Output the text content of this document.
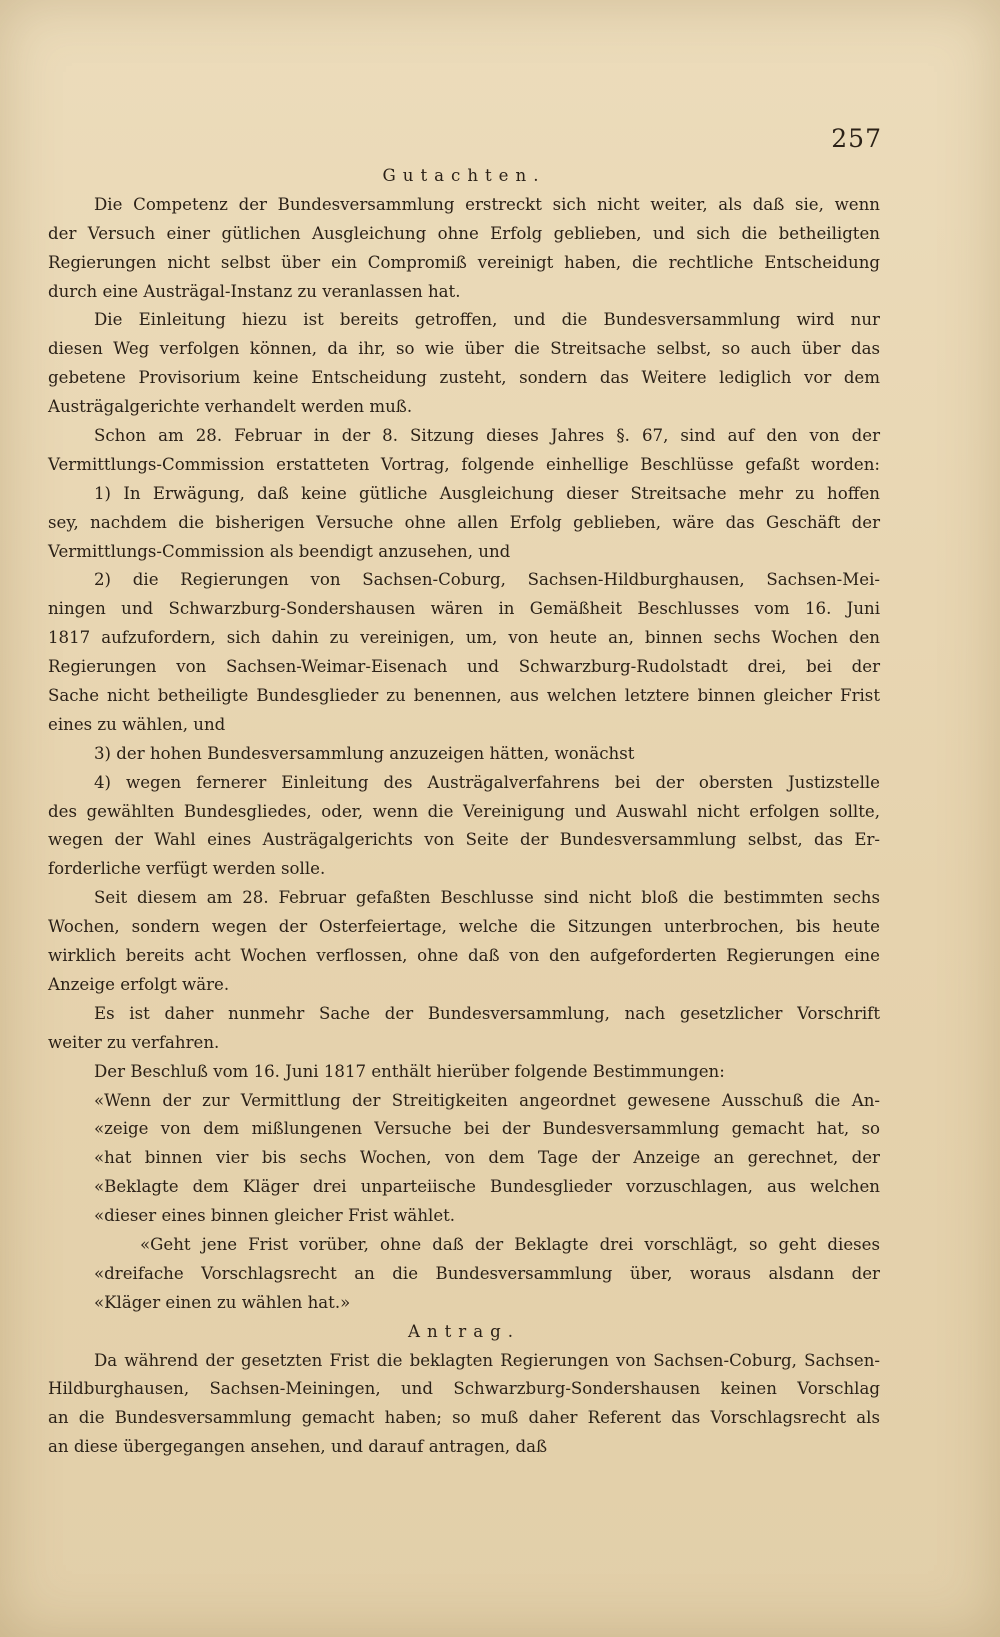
257
Gutachten.
Die Competenz der Bundesversammlung erstreckt sich nicht weiter, als daß sie, wenn
der Versuch einer gütlichen Ausgleichung ohne Erfolg geblieben, und sich die betheiligten
Regierungen nicht selbst über ein Compromiß vereinigt haben, die rechtliche Entscheidung
durch eine Austrägal-Instanz zu veranlassen hat.
Die Einleitung hiezu ist bereits getroffen, und die Bundesversammlung wird nur
diesen Weg verfolgen können, da ihr, so wie über die Streitsache selbst, so auch über das
gebetene Provisorium keine Entscheidung zusteht, sondern das Weitere lediglich vor dem
Austrägalgerichte verhandelt werden muß.
Schon am 28. Februar in der 8. Sitzung dieses Jahres §. 67, sind auf den von der
Vermittlungs-Commission erstatteten Vortrag, folgende einhellige Beschlüsse gefaßt worden:
1) In Erwägung, daß keine gütliche Ausgleichung dieser Streitsache mehr zu hoffen
sey, nachdem die bisherigen Versuche ohne allen Erfolg geblieben, wäre das Geschäft der
Vermittlungs-Commission als beendigt anzusehen, und
2) die Regierungen von Sachsen-Coburg, Sachsen-Hildburghausen, Sachsen-Mei-
ningen und Schwarzburg-Sondershausen wären in Gemäßheit Beschlusses vom 16. Juni
1817 aufzufordern, sich dahin zu vereinigen, um, von heute an, binnen sechs Wochen den
Regierungen von Sachsen-Weimar-Eisenach und Schwarzburg-Rudolstadt drei, bei der
Sache nicht betheiligte Bundesglieder zu benennen, aus welchen letztere binnen gleicher Frist
eines zu wählen, und
3) der hohen Bundesversammlung anzuzeigen hätten, wonächst
4) wegen fernerer Einleitung des Austrägalverfahrens bei der obersten Justizstelle
des gewählten Bundesgliedes, oder, wenn die Vereinigung und Auswahl nicht erfolgen sollte,
wegen der Wahl eines Austrägalgerichts von Seite der Bundesversammlung selbst, das Er-
forderliche verfügt werden solle.
Seit diesem am 28. Februar gefaßten Beschlusse sind nicht bloß die bestimmten sechs
Wochen, sondern wegen der Osterfeiertage, welche die Sitzungen unterbrochen, bis heute
wirklich bereits acht Wochen verflossen, ohne daß von den aufgeforderten Regierungen eine
Anzeige erfolgt wäre.
Es ist daher nunmehr Sache der Bundesversammlung, nach gesetzlicher Vorschrift
weiter zu verfahren.
Der Beschluß vom 16. Juni 1817 enthält hierüber folgende Bestimmungen:
«Wenn der zur Vermittlung der Streitigkeiten angeordnet gewesene Ausschuß die An-
«zeige von dem mißlungenen Versuche bei der Bundesversammlung gemacht hat, so
«hat binnen vier bis sechs Wochen, von dem Tage der Anzeige an gerechnet, der
«Beklagte dem Kläger drei unparteiische Bundesglieder vorzuschlagen, aus welchen
«dieser eines binnen gleicher Frist wählet.
«Geht jene Frist vorüber, ohne daß der Beklagte drei vorschlägt, so geht dieses
«dreifache Vorschlagsrecht an die Bundesversammlung über, woraus alsdann der
«Kläger einen zu wählen hat.»
Antrag.
Da während der gesetzten Frist die beklagten Regierungen von Sachsen-Coburg, Sachsen-
Hildburghausen, Sachsen-Meiningen, und Schwarzburg-Sondershausen keinen Vorschlag
an die Bundesversammlung gemacht haben; so muß daher Referent das Vorschlagsrecht als
an diese übergegangen ansehen, und darauf antragen, daß
